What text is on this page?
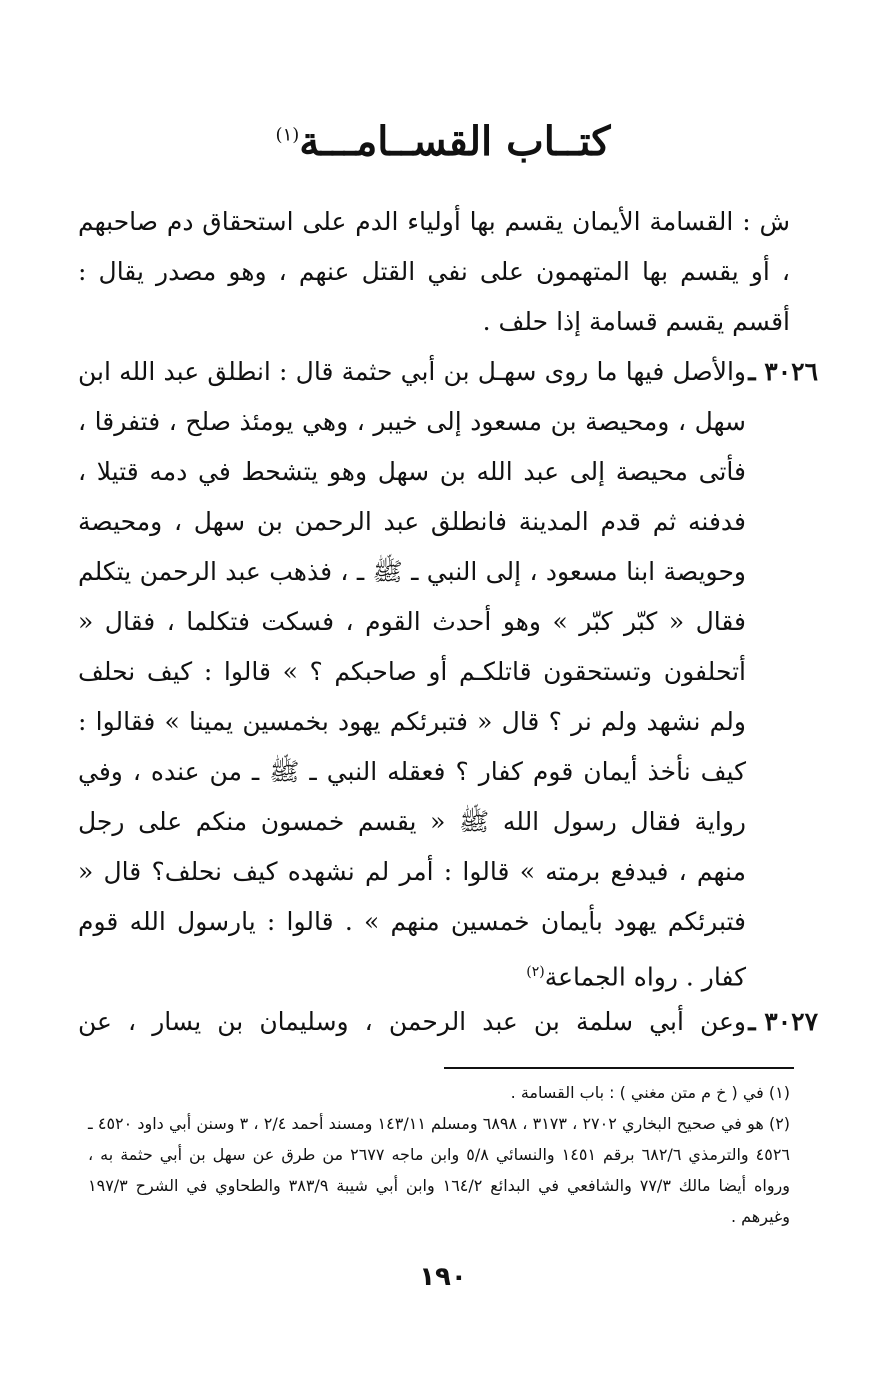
كتــاب القســامـــة$^{(١)}$
ش : القسامة الأيمان يقسم بها أولياء الدم على استحقاق دم صاحبهم ، أو يقسم بها المتهمون على نفي القتل عنهم ، وهو مصدر يقال : أقسم يقسم قسامة إذا حلف .
٣٠٢٦ ـ
والأصل فيها ما روى سهـل بن أبي حثمة قال : انطلق عبد الله ابن سهل ، ومحيصة بن مسعود إلى خيبر ، وهي يومئذ صلح ، فتفرقا ، فأتى محيصة إلى عبد الله بن سهل وهو يتشحط في دمه قتيلا ، فدفنه ثم قدم المدينة فانطلق عبد الرحمن بن سهل ، ومحيصة وحويصة ابنا مسعود ، إلى النبي ـ ﷺ ـ ، فذهب عبد الرحمن يتكلم فقال « كبّر كبّر » وهو أحدث القوم ، فسكت فتكلما ، فقال « أتحلفون وتستحقون قاتلكـم أو صاحبكم ؟ » قالوا : كيف نحلف ولم نشهد ولم نر ؟ قال « فتبرئكم يهود بخمسين يمينا » فقالوا : كيف نأخذ أيمان قوم كفار ؟ فعقله النبي ـ ﷺ ـ من عنده ، وفي رواية فقال رسول الله ﷺ « يقسم خمسون منكم على رجل منهم ، فيدفع برمته » قالوا : أمر لم نشهده كيف نحلف؟ قال « فتبرئكم يهود بأيمان خمسين منهم » . قالوا : يارسول الله قوم كفار . رواه الجماعة$^{(٢)}$
٣٠٢٧ ـ
وعن أبي سلمة بن عبد الرحمن ، وسليمان بن يسار ، عن

(١) في ( خ م متن مغني ) : باب القسامة .

(٢) هو في صحيح البخاري ٢٧٠٢ ، ٣١٧٣ ، ٦٨٩٨ ومسلم ١٤٣/١١ ومسند أحمد ٢/٤ ، ٣ وسنن أبي داود ٤٥٢٠ ـ ٤٥٢٦ والترمذي ٦٨٢/٦ برقم ١٤٥١ والنسائي ٥/٨ وابن ماجه ٢٦٧٧ من طرق عن سهل بن أبي حثمة به ، ورواه أيضا مالك ٧٧/٣ والشافعي في البدائع ١٦٤/٢ وابن أبي شيبة ٣٨٣/٩ والطحاوي في الشرح ١٩٧/٣ وغيرهم .

١٩٠
